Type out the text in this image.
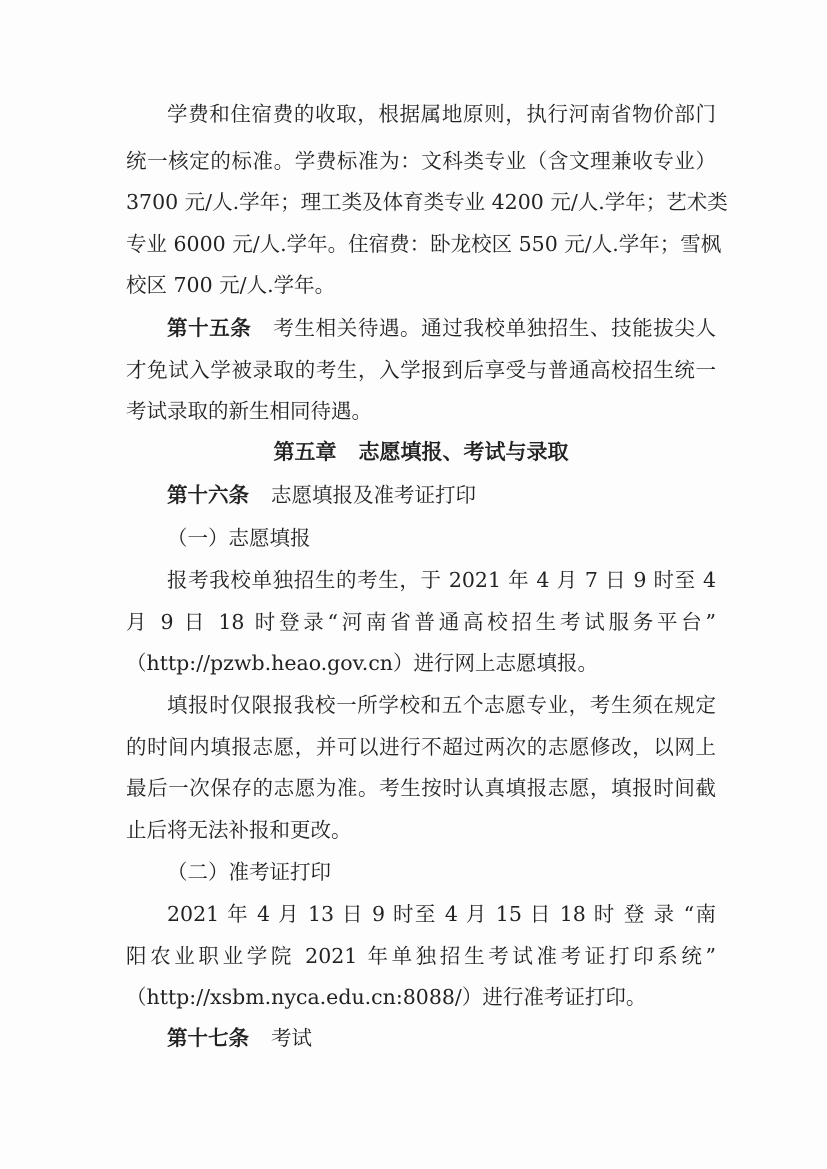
学费和住宿费的收取，根据属地原则，执行河南省物价部门
统一核定的标准。学费标准为：文科类专业（含文理兼收专业）
3700 元/人.学年；理工类及体育类专业 4200 元/人.学年；艺术类
专业 6000 元/人.学年。住宿费：卧龙校区 550 元/人.学年；雪枫
校区 700 元/人.学年。
第十五条 考生相关待遇。通过我校单独招生、技能拔尖人
才免试入学被录取的考生，入学报到后享受与普通高校招生统一
考试录取的新生相同待遇。
第五章 志愿填报、考试与录取
第十六条 志愿填报及准考证打印
（一）志愿填报
报考我校单独招生的考生，于 2021 年 4 月 7 日 9 时至 4
月 9 日 18 时登录“河南省普通高校招生考试服务平台”
（http://pzwb.heao.gov.cn）进行网上志愿填报。
填报时仅限报我校一所学校和五个志愿专业，考生须在规定
的时间内填报志愿，并可以进行不超过两次的志愿修改，以网上
最后一次保存的志愿为准。考生按时认真填报志愿，填报时间截
止后将无法补报和更改。
（二）准考证打印
2021 年 4 月 13 日 9 时至 4 月 15 日 18 时 登 录 “南
阳农业职业学院 2021 年单独招生考试准考证打印系统”
（http://xsbm.nyca.edu.cn:8088/）进行准考证打印。
第十七条 考试
